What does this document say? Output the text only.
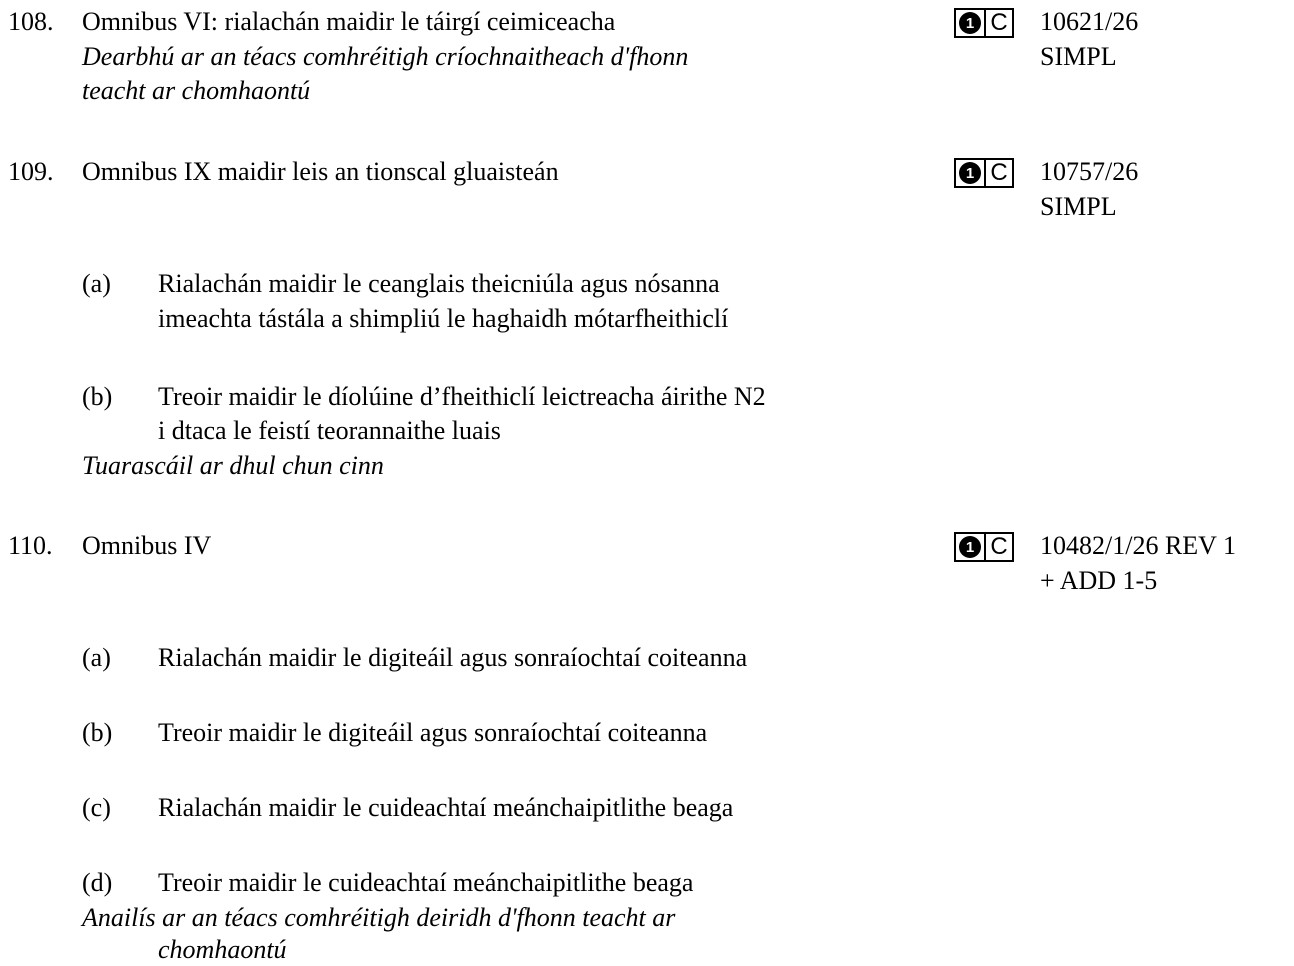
108. Omnibus VI: rialachán maidir le táirgí ceimiceacha
Dearbhú ar an téacs comhréitigh críochnaitheach d'fhonn
teacht ar chomhaontú
1 C 10621/26
SIMPL
109. Omnibus IX maidir leis an tionscal gluaisteán	1 C 10757/26
SIMPL
(a) Rialachán maidir le ceanglais theicniúla agus nósanna
imeachta tástála a shimpliú le haghaidh mótarfheithiclí
(b) Treoir maidir le díolúine d’fheithiclí leictreacha áirithe N2
i dtaca le feistí teorannaithe luais
Tuarascáil ar dhul chun cinn
110. Omnibus IV	1 C 10482/1/26 REV 1
+ ADD 1-5
(a) Rialachán maidir le digiteáil agus sonraíochtaí coiteanna
(b) Treoir maidir le digiteáil agus sonraíochtaí coiteanna
(c) Rialachán maidir le cuideachtaí meánchaipitlithe beaga
(d) Treoir maidir le cuideachtaí meánchaipitlithe beaga
Anailís ar an téacs comhréitigh deiridh d'fhonn teacht ar
chomhaontú
